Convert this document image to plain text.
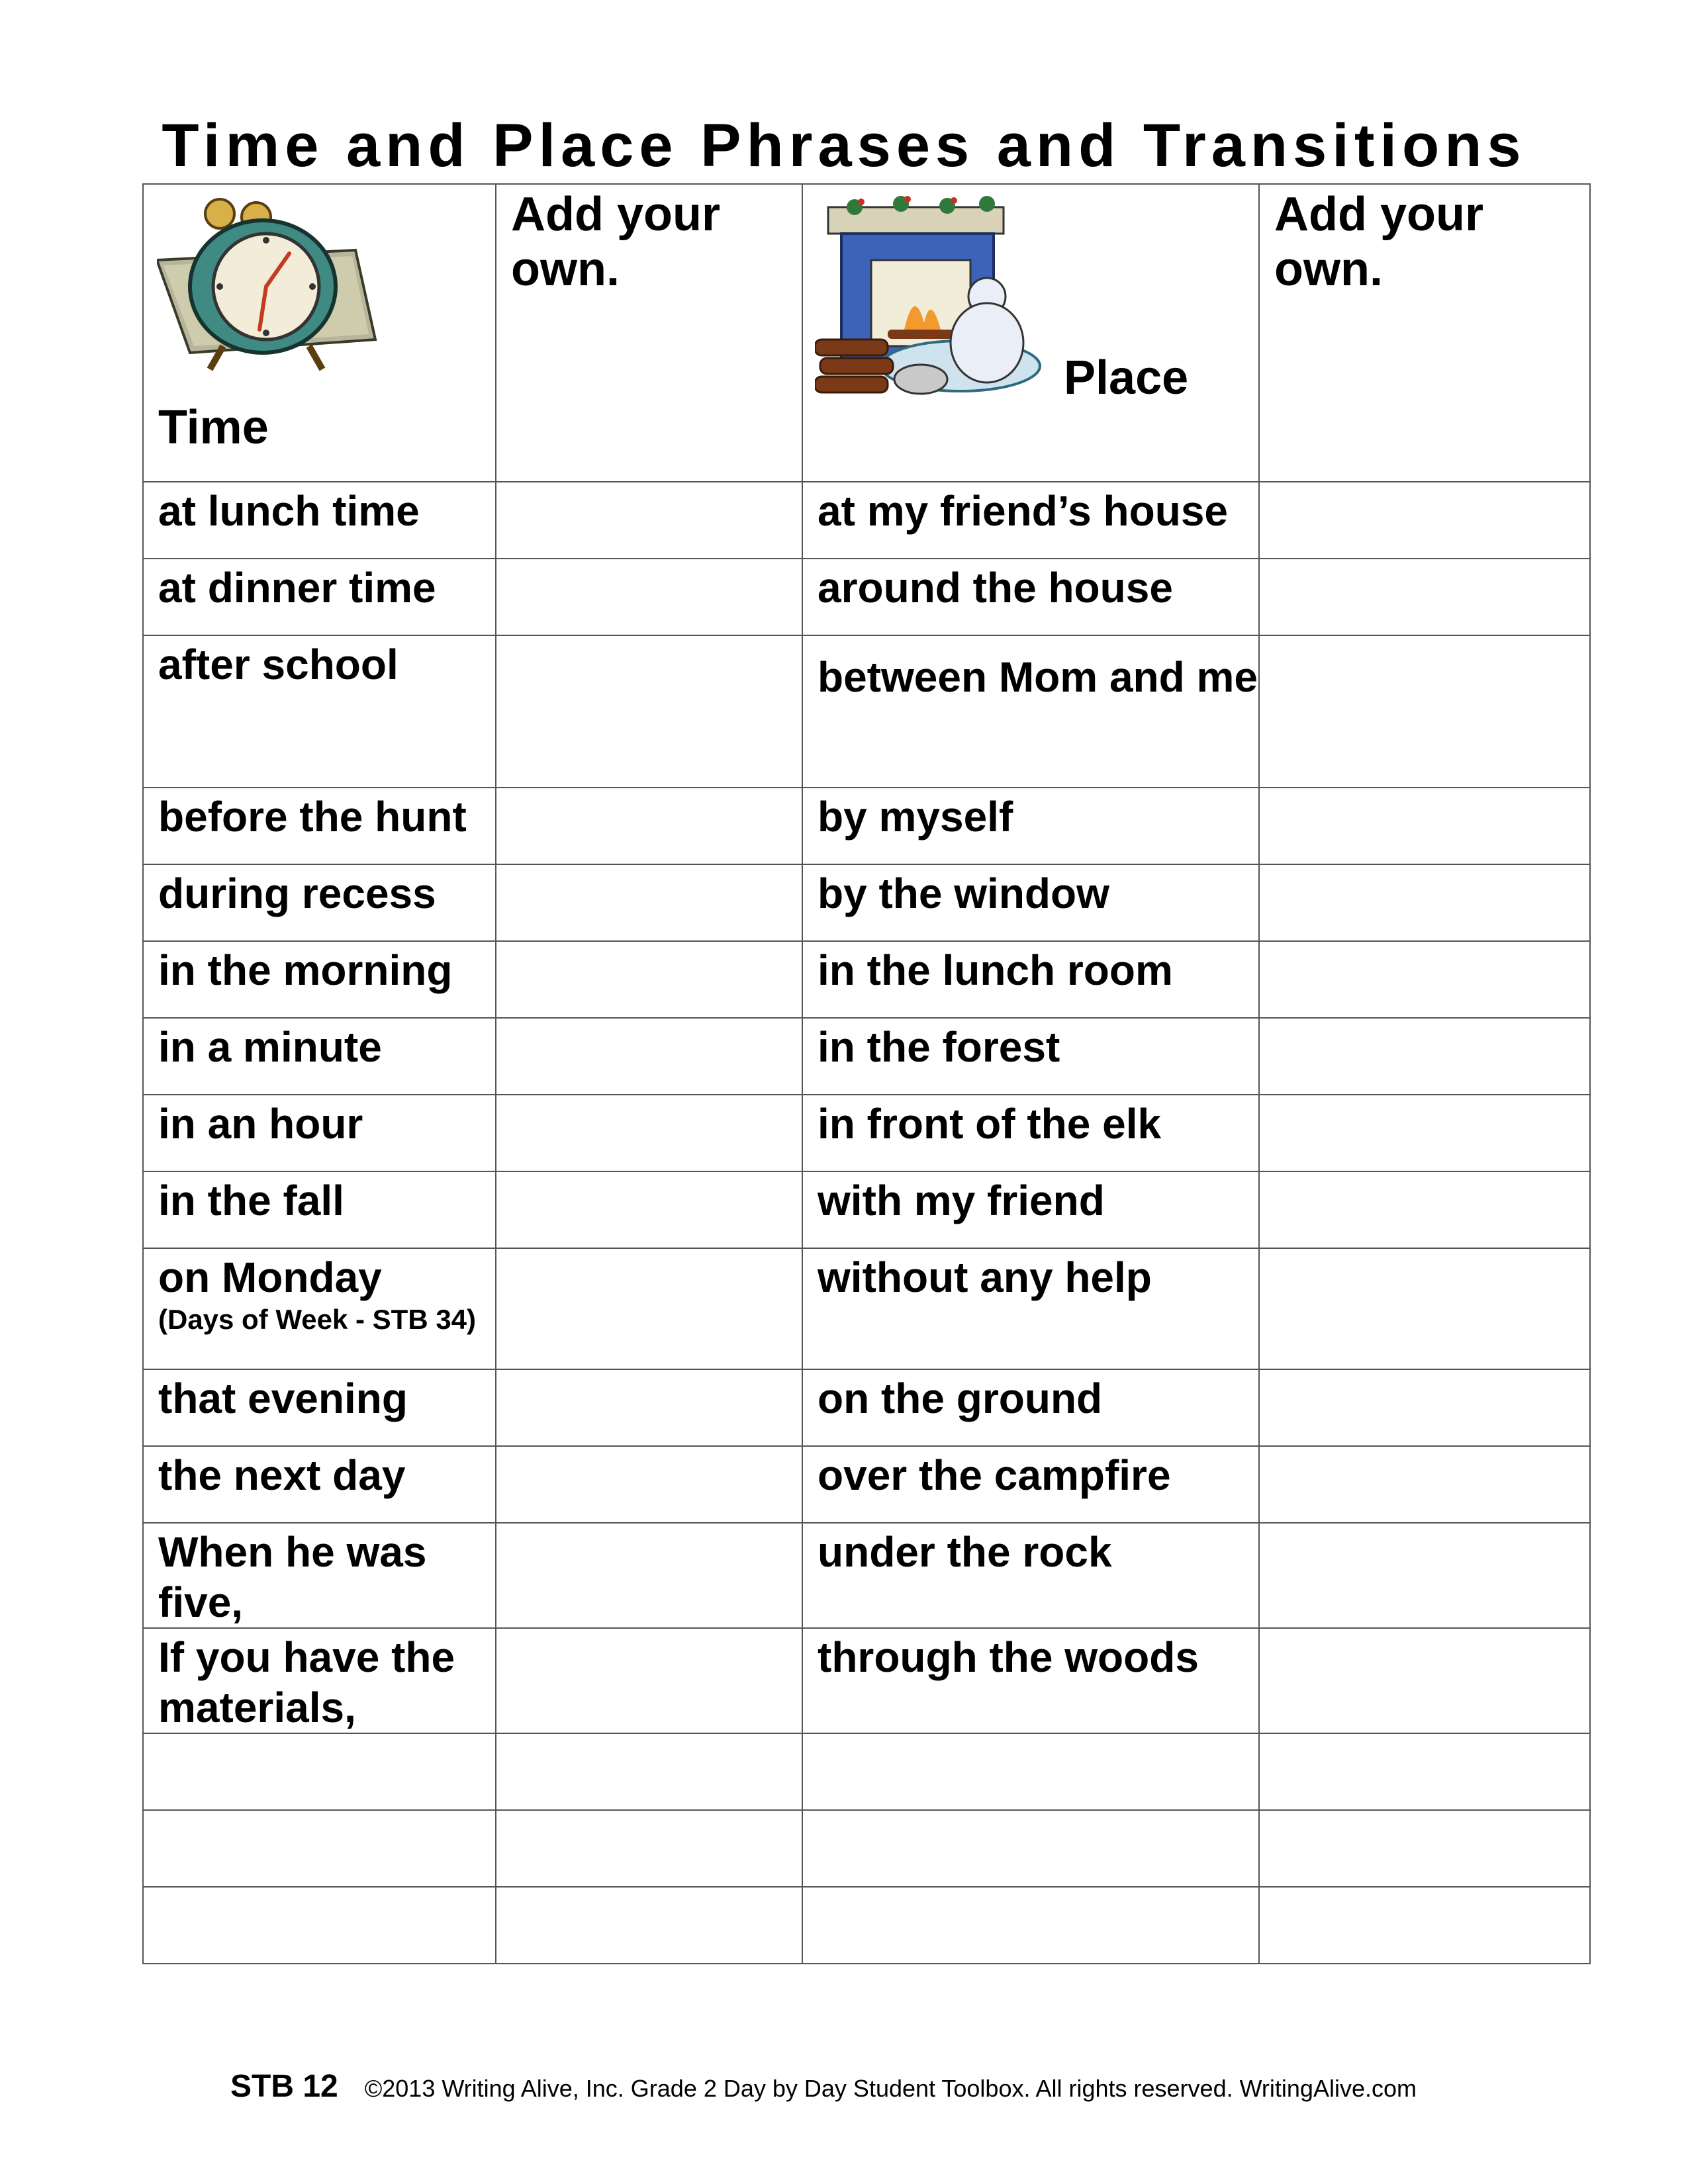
Time and Place Phrases and Transitions
Time	Add your own.	Place	Add your own.

at lunch time		at my friend’s house	

at dinner time		around the house	

after school		between Mom and me	

before the hunt		by myself	

during recess		by the window	

in the morning		in the lunch room	

in a minute		in the forest	

in an hour		in front of the elk	

in the fall		with my friend	

on Monday
(Days of Week - STB 34)		without any help	

that evening		on the ground	

the next day		over the campfire	

When he was five,		under the rock	

If you have the materials,		through the woods	

STB 12 ©2013 Writing Alive, Inc. Grade 2 Day by Day Student Toolbox. All rights reserved. WritingAlive.com
